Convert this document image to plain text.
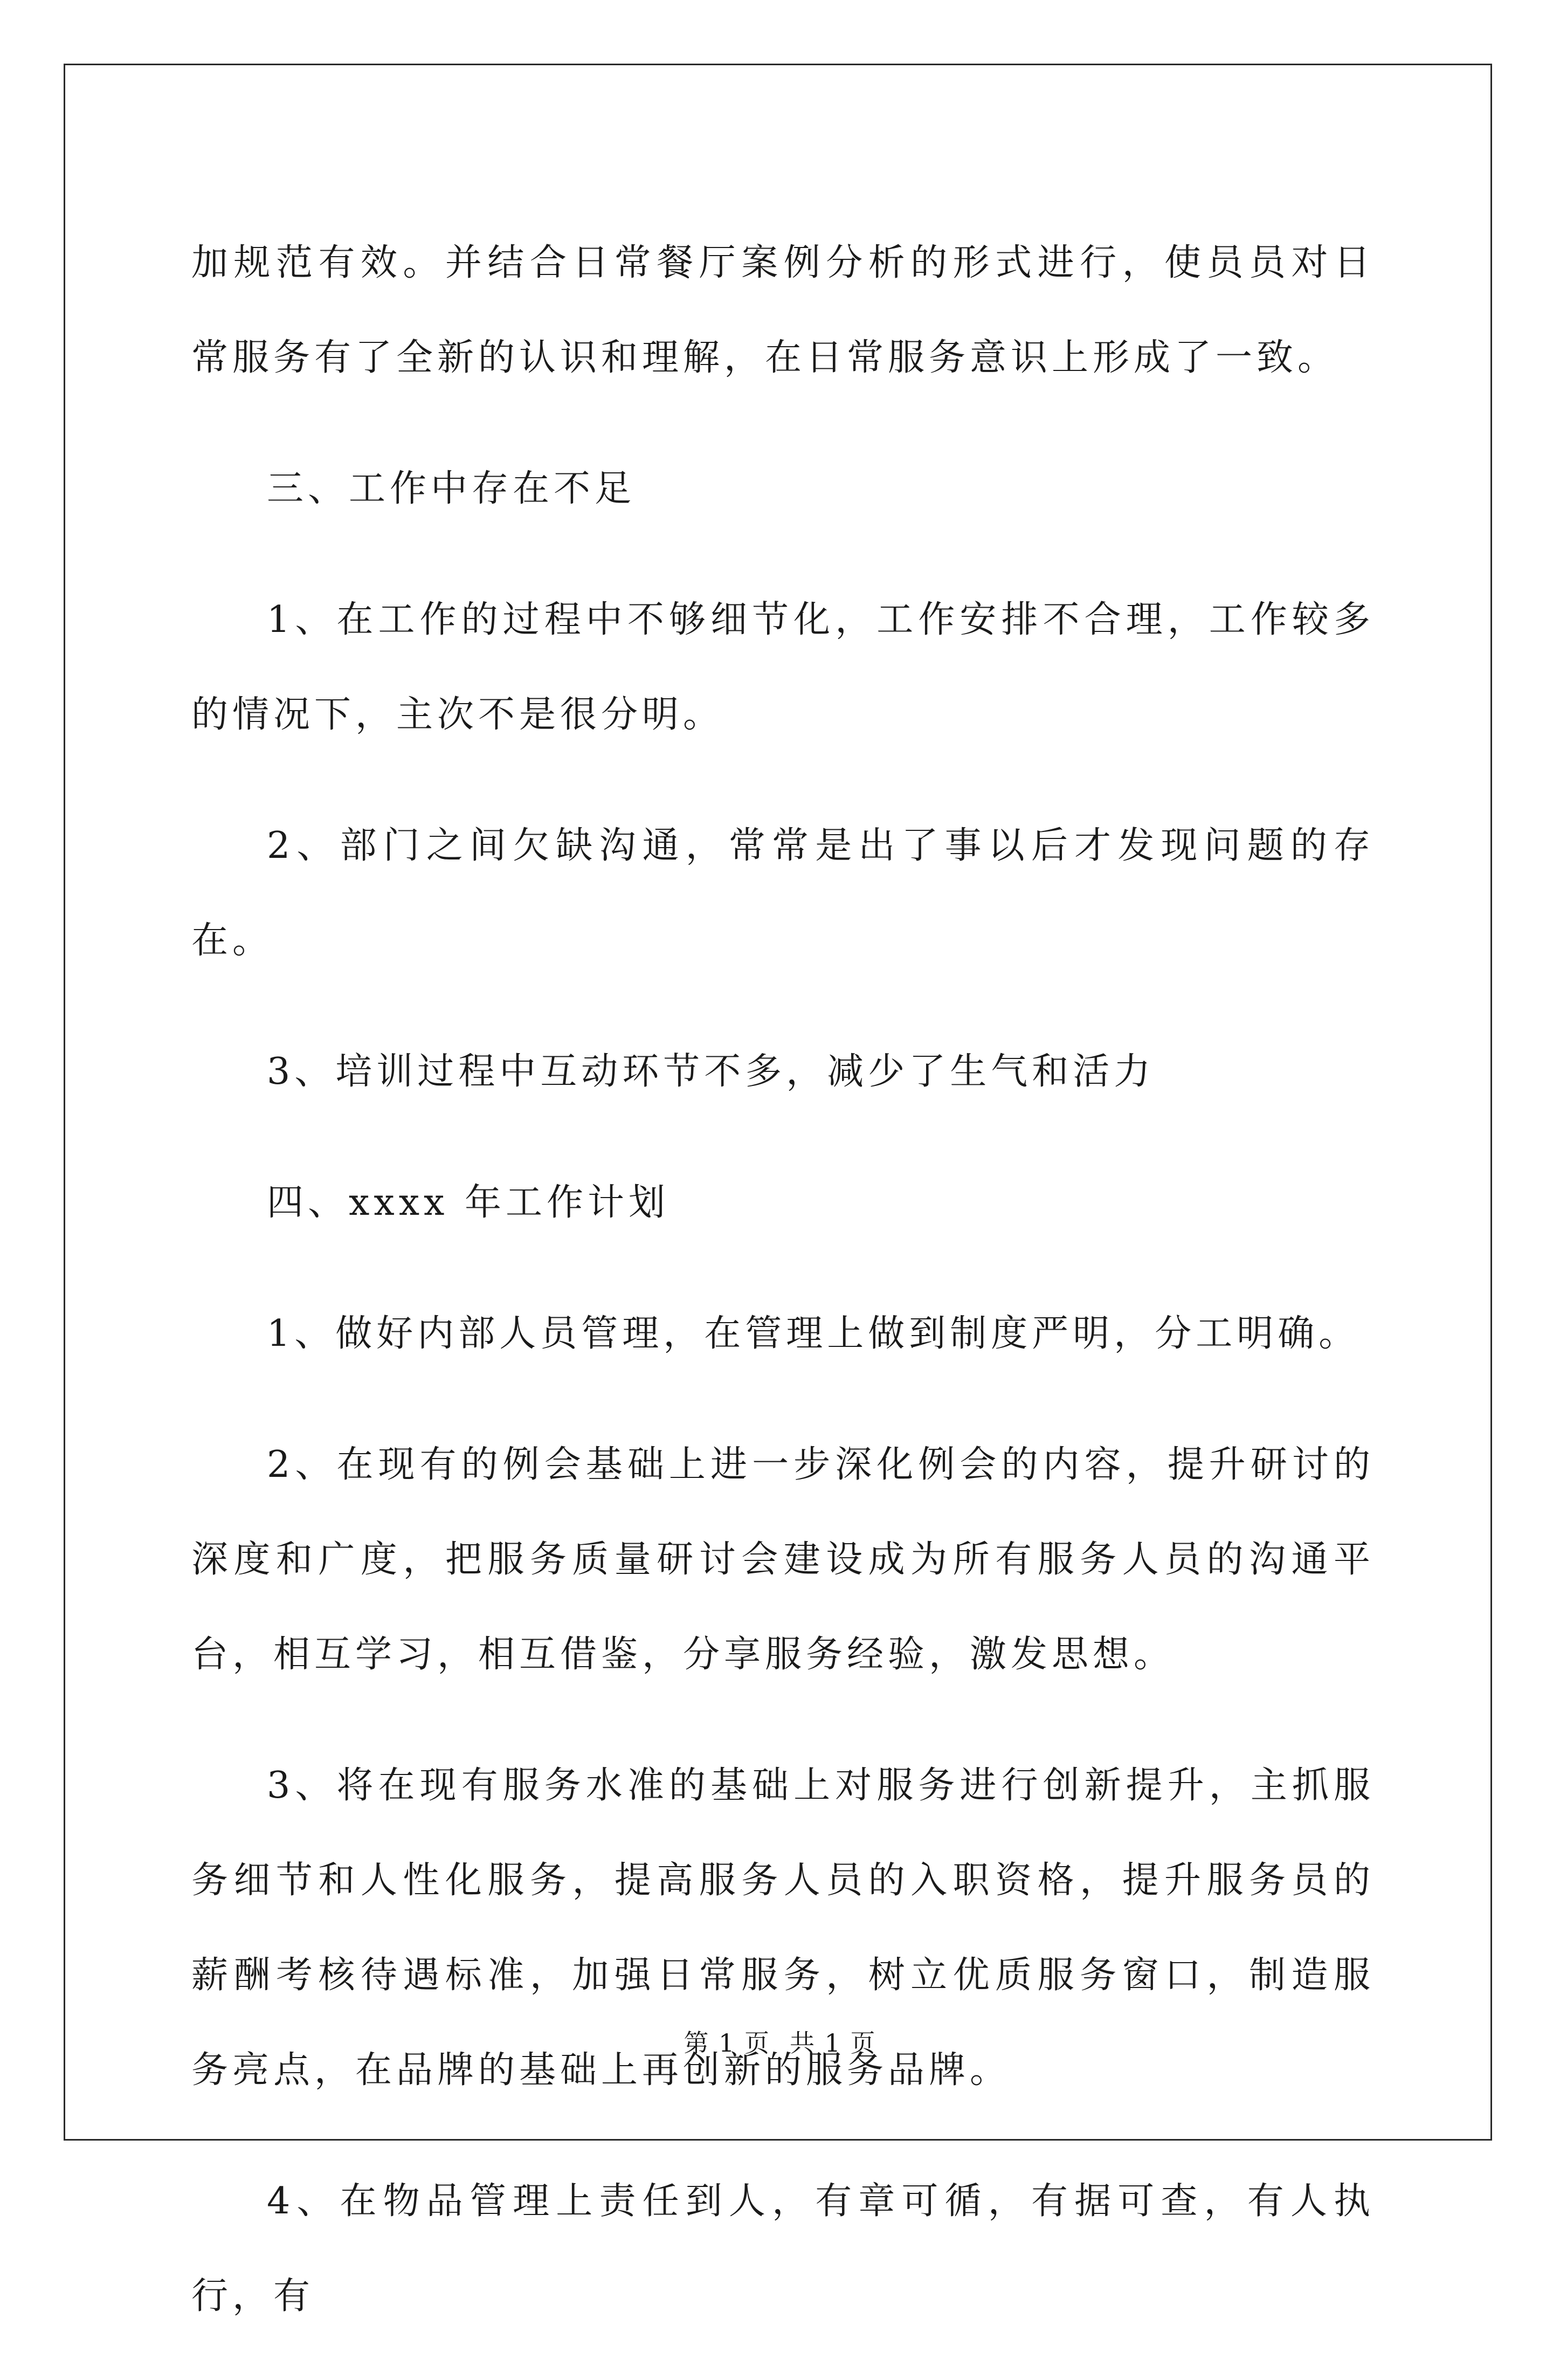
加规范有效。并结合日常餐厅案例分析的形式进行，使员员对日常服务有了全新的认识和理解，在日常服务意识上形成了一致。

三、工作中存在不足

1、在工作的过程中不够细节化，工作安排不合理，工作较多的情况下，主次不是很分明。

2、部门之间欠缺沟通，常常是出了事以后才发现问题的存在。

3、培训过程中互动环节不多，减少了生气和活力

四、xxxx 年工作计划

1、做好内部人员管理，在管理上做到制度严明，分工明确。

2、在现有的例会基础上进一步深化例会的内容，提升研讨的深度和广度，把服务质量研讨会建设成为所有服务人员的沟通平台，相互学习，相互借鉴，分享服务经验，激发思想。

3、将在现有服务水准的基础上对服务进行创新提升，主抓服务细节和人性化服务，提高服务人员的入职资格，提升服务员的薪酬考核待遇标准，加强日常服务，树立优质服务窗口，制造服务亮点，在品牌的基础上再创新的服务品牌。

4、在物品管理上责任到人，有章可循，有据可查，有人执行，有

第 1 页 共 1 页
